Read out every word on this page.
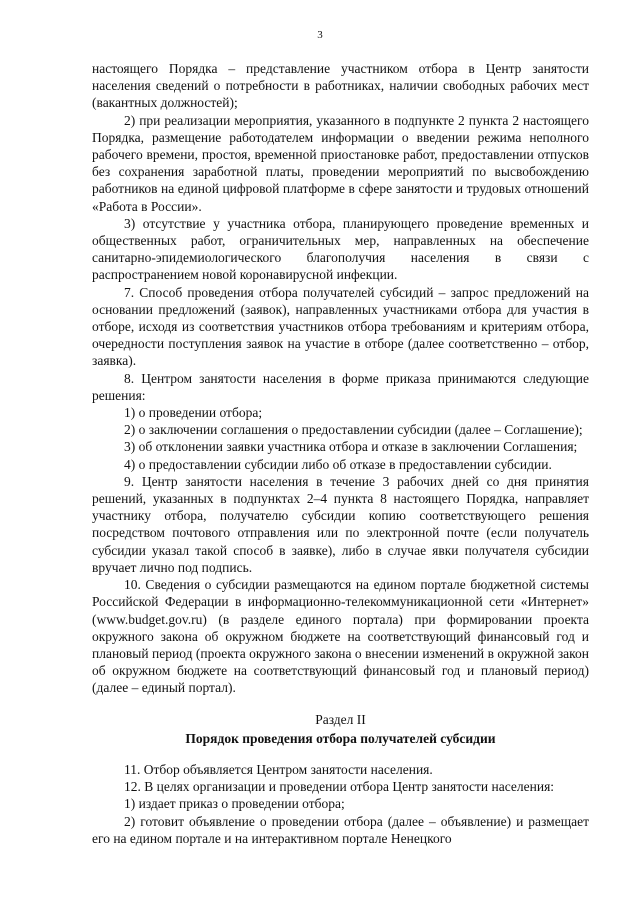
3

настоящего Порядка – представление участником отбора в Центр занятости населения сведений о потребности в работниках, наличии свободных рабочих мест (вакантных должностей);

2) при реализации мероприятия, указанного в подпункте 2 пункта 2 настоящего Порядка, размещение работодателем информации о введении режима неполного рабочего времени, простоя, временной приостановке работ, предоставлении отпусков без сохранения заработной платы, проведении мероприятий по высвобождению работников на единой цифровой платформе в сфере занятости и трудовых отношений «Работа в России».

3) отсутствие у участника отбора, планирующего проведение временных и общественных работ, ограничительных мер, направленных на обеспечение санитарно-эпидемиологического благополучия населения в связи с распространением новой коронавирусной инфекции.

7. Способ проведения отбора получателей субсидий – запрос предложений на основании предложений (заявок), направленных участниками отбора для участия в отборе, исходя из соответствия участников отбора требованиям и критериям отбора, очередности поступления заявок на участие в отборе (далее соответственно – отбор, заявка).

8. Центром занятости населения в форме приказа принимаются следующие решения:

1) о проведении отбора;

2) о заключении соглашения о предоставлении субсидии (далее – Соглашение);

3) об отклонении заявки участника отбора и отказе в заключении Соглашения;

4) о предоставлении субсидии либо об отказе в предоставлении субсидии.

9. Центр занятости населения в течение 3 рабочих дней со дня принятия решений, указанных в подпунктах 2–4 пункта 8 настоящего Порядка, направляет участнику отбора, получателю субсидии копию соответствующего решения посредством почтового отправления или по электронной почте (если получатель субсидии указал такой способ в заявке), либо в случае явки получателя субсидии вручает лично под подпись.

10. Сведения о субсидии размещаются на едином портале бюджетной системы Российской Федерации в информационно-телекоммуникационной сети «Интернет» (www.budget.gov.ru) (в разделе единого портала) при формировании проекта окружного закона об окружном бюджете на соответствующий финансовый год и плановый период (проекта окружного закона о внесении изменений в окружной закон об окружном бюджете на соответствующий финансовый год и плановый период) (далее – единый портал).

Раздел II

Порядок проведения отбора получателей субсидии

11. Отбор объявляется Центром занятости населения.

12. В целях организации и проведении отбора Центр занятости населения:

1) издает приказ о проведении отбора;

2) готовит объявление о проведении отбора (далее – объявление) и размещает его на едином портале и на интерактивном портале Ненецкого
